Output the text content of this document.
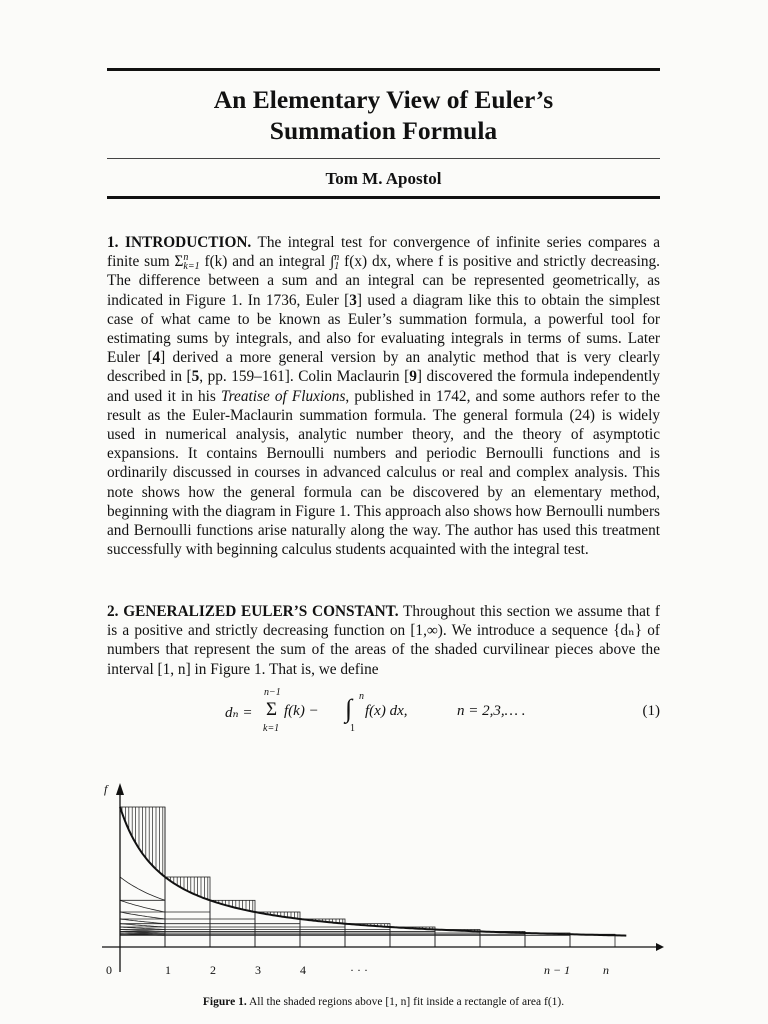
An Elementary View of Euler’s
Summation Formula
Tom M. Apostol

1. INTRODUCTION. The integral test for convergence of infinite series compares a finite sum Σn
k=1 f(k) and an integral ∫n
1 f(x) dx, where f is positive and strictly decreasing. The difference between a sum and an integral can be represented geometrically, as indicated in Figure 1. In 1736, Euler [3] used a diagram like this to obtain the simplest case of what came to be known as Euler’s summation formula, a powerful tool for estimating sums by integrals, and also for evaluating integrals in terms of sums. Later Euler [4] derived a more general version by an analytic method that is very clearly described in [5, pp. 159–161]. Colin Maclaurin [9] discovered the formula independently and used it in his Treatise of Fluxions, published in 1742, and some authors refer to the result as the Euler-Maclaurin summation formula. The general formula (24) is widely used in numerical analysis, analytic number theory, and the theory of asymptotic expansions. It contains Bernoulli numbers and periodic Bernoulli functions and is ordinarily discussed in courses in advanced calculus or real and complex analysis. This note shows how the general formula can be discovered by an elementary method, beginning with the diagram in Figure 1. This approach also shows how Bernoulli numbers and Bernoulli functions arise naturally along the way. The author has used this treatment successfully with beginning calculus students acquainted with the integral test.

2. GENERALIZED EULER’S CONSTANT. Throughout this section we assume that f is a positive and strictly decreasing function on [1,∞). We introduce a sequence {dₙ} of numbers that represent the sum of the areas of the shaded curvilinear pieces above the interval [1, n] in Figure 1. That is, we define

dₙ =
n−1
Σ
k=1
f(k) −
n
∫
1
f(x) dx,	n = 2,3,… .	(1)
f
0	1	2	3	4	· · ·	n − 1	n
Figure 1. All the shaded regions above [1, n] fit inside a rectangle of area f(1).
